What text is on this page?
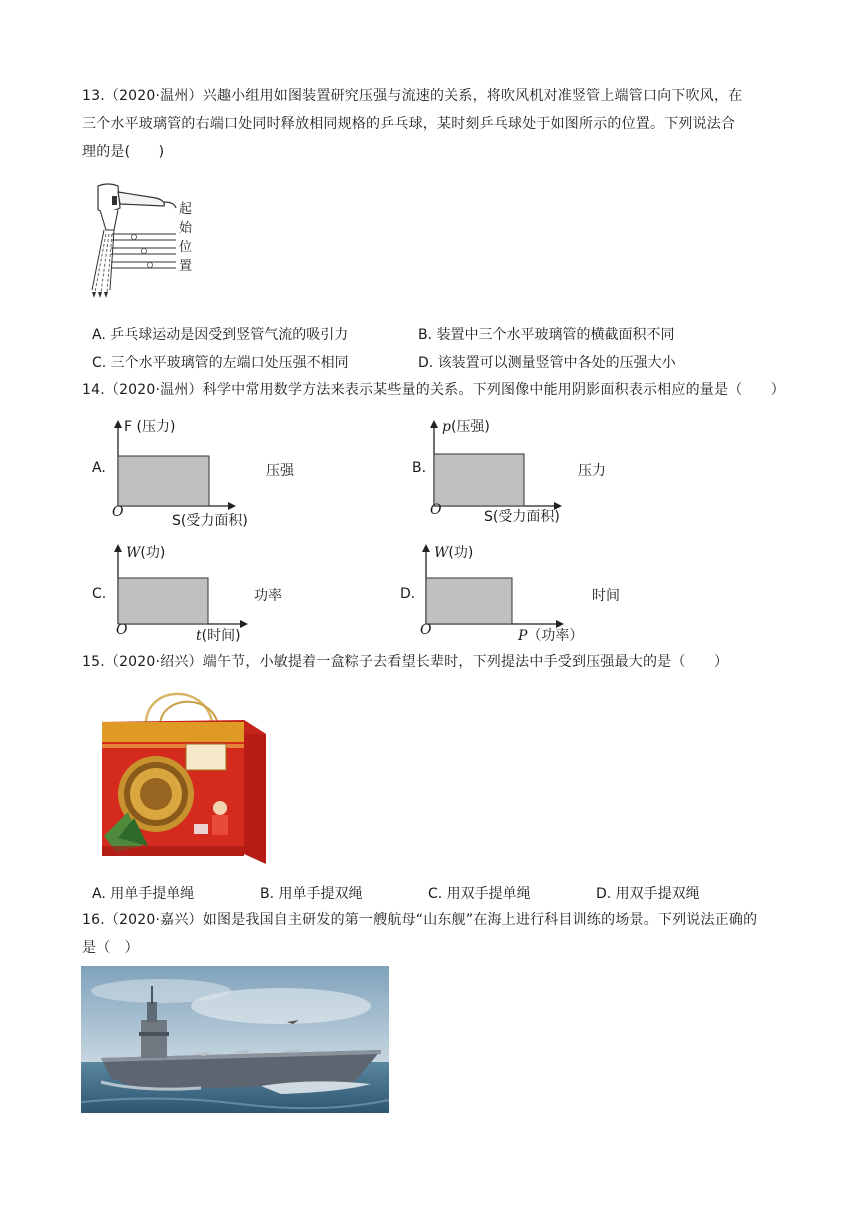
13.（2020·温州）兴趣小组用如图装置研究压强与流速的关系，将吹风机对准竖管上端管口向下吹风，在
三个水平玻璃管的右端口处同时释放相同规格的乒乓球，某时刻乒乓球处于如图所示的位置。下列说法合
理的是(　　)
起
始
位
置
A. 乒乓球运动是因受到竖管气流的吸引力	B. 装置中三个水平玻璃管的横截面积不同
C. 三个水平玻璃管的左端口处压强不相同	D. 该装置可以测量竖管中各处的压强大小
14.（2020·温州）科学中常用数学方法来表示某些量的关系。下列图像中能用阴影面积表示相应的量是（　　）
A.
F (压力)
O
S(受力面积)
压强	B.
p(压强)
O	S(受力面积)
压力
C.
W(功)
O	t(时间)
功率	D.
W(功)
O	P（功率）
时间
15.（2020·绍兴）端午节，小敏提着一盒粽子去看望长辈时，下列提法中手受到压强最大的是（　　）
A. 用单手提单绳	B. 用单手提双绳	C. 用双手提单绳	D. 用双手提双绳
16.（2020·嘉兴）如图是我国自主研发的第一艘航母“山东舰”在海上进行科目训练的场景。下列说法正确的
是（　）
